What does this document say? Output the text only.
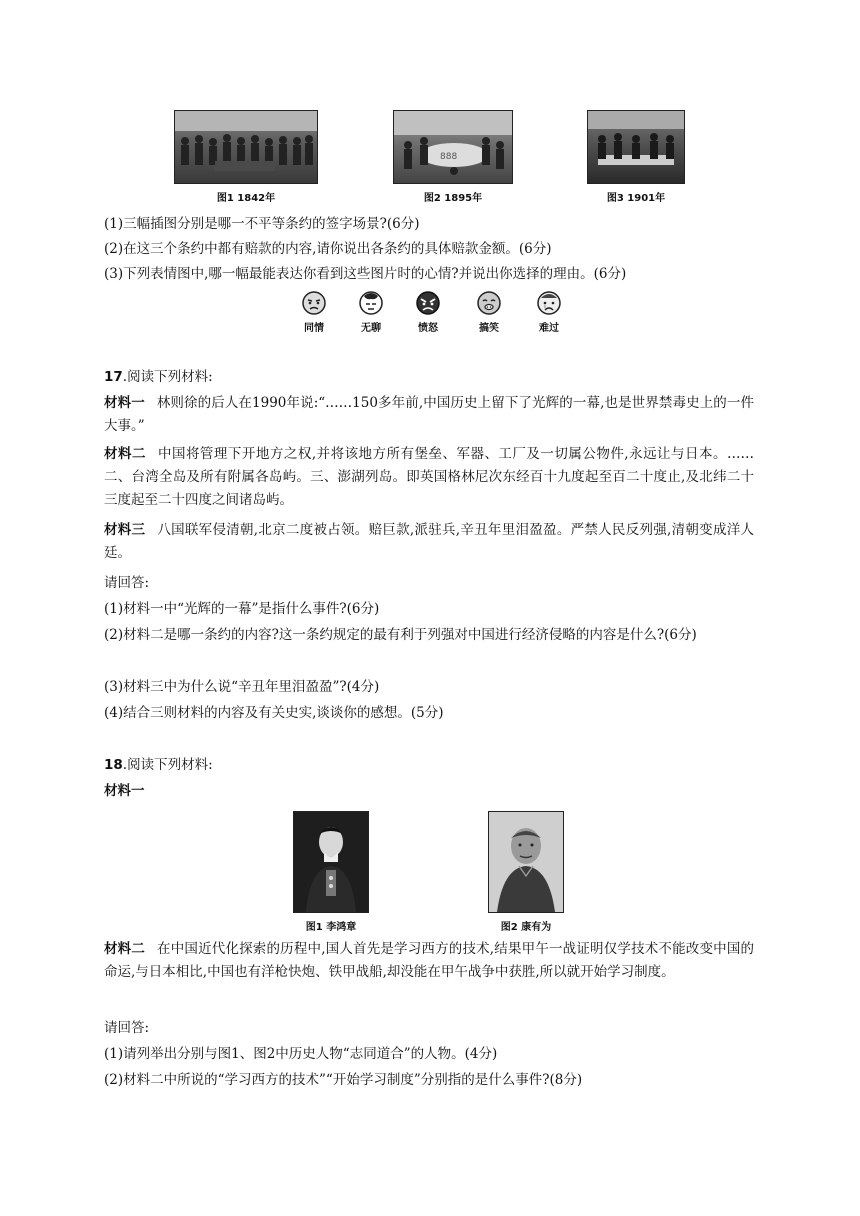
图1 1842年
888
图2 1895年	图3 1901年
(1)三幅插图分别是哪一不平等条约的签字场景?(6分)
(2)在这三个条约中都有赔款的内容,请你说出各条约的具体赔款金额。(6分)
(3)下列表情图中,哪一幅最能表达你看到这些图片时的心情?并说出你选择的理由。(6分)
同情	无聊	愤怒	搞笑	难过
17.阅读下列材料:
材料一 林则徐的后人在1990年说:“……150多年前,中国历史上留下了光辉的一幕,也是世界禁毒史上的一件大事。”
材料二 中国将管理下开地方之权,并将该地方所有堡垒、军器、工厂及一切属公物件,永远让与日本。……二、台湾全岛及所有附属各岛屿。三、澎湖列岛。即英国格林尼次东经百十九度起至百二十度止,及北纬二十三度起至二十四度之间诸岛屿。
材料三 八国联军侵清朝,北京二度被占领。赔巨款,派驻兵,辛丑年里泪盈盈。严禁人民反列强,清朝变成洋人廷。
请回答:
(1)材料一中“光辉的一幕”是指什么事件?(6分)
(2)材料二是哪一条约的内容?这一条约规定的最有利于列强对中国进行经济侵略的内容是什么?(6分)
(3)材料三中为什么说“辛丑年里泪盈盈”?(4分)
(4)结合三则材料的内容及有关史实,谈谈你的感想。(5分)
18.阅读下列材料:
材料一
图1 李鸿章	图2 康有为
材料二 在中国近代化探索的历程中,国人首先是学习西方的技术,结果甲午一战证明仅学技术不能改变中国的命运,与日本相比,中国也有洋枪快炮、铁甲战船,却没能在甲午战争中获胜,所以就开始学习制度。
请回答:
(1)请列举出分别与图1、图2中历史人物“志同道合”的人物。(4分)
(2)材料二中所说的“学习西方的技术”“开始学习制度”分别指的是什么事件?(8分)
